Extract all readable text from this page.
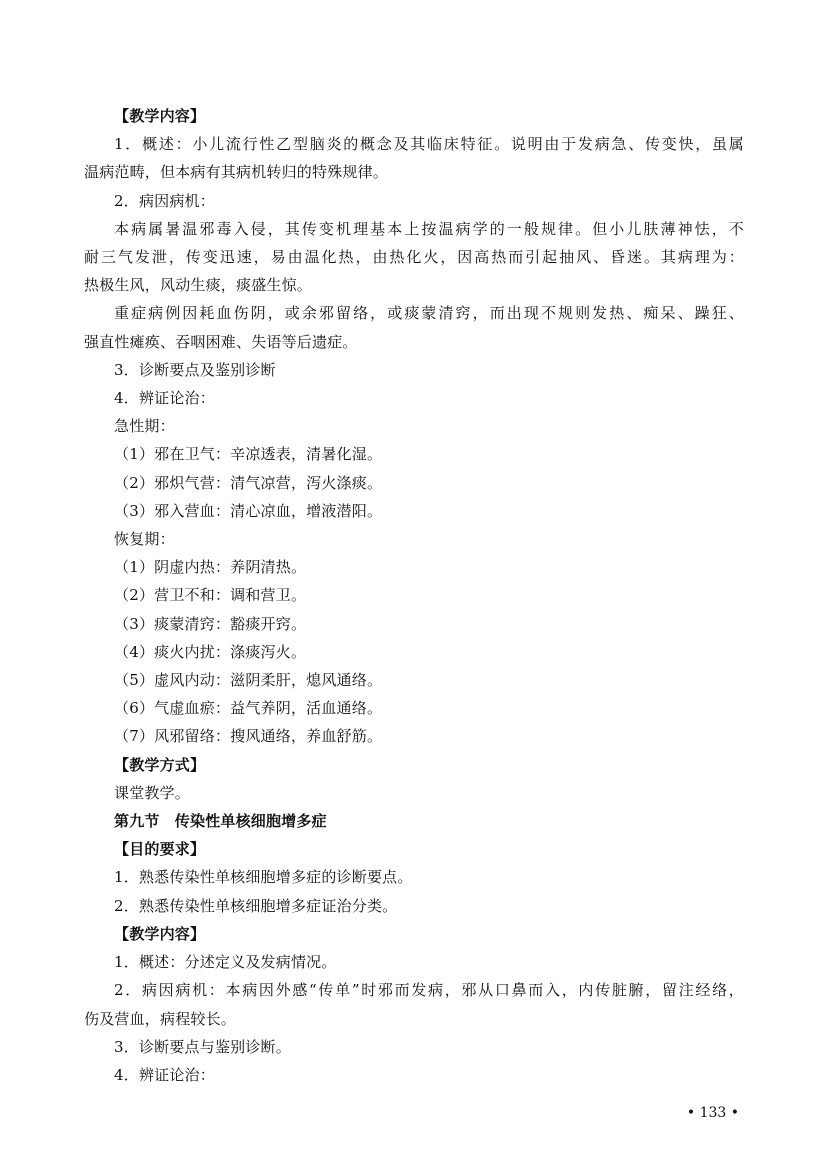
【教学内容】
1．概述：小儿流行性乙型脑炎的概念及其临床特征。说明由于发病急、传变快，虽属
温病范畴，但本病有其病机转归的特殊规律。
2．病因病机：
本病属暑温邪毒入侵，其传变机理基本上按温病学的一般规律。但小儿肤薄神怯，不
耐三气发泄，传变迅速，易由温化热，由热化火，因高热而引起抽风、昏迷。其病理为：
热极生风，风动生痰，痰盛生惊。
重症病例因耗血伤阴，或余邪留络，或痰蒙清窍，而出现不规则发热、痴呆、躁狂、
强直性瘫痪、吞咽困难、失语等后遗症。
3．诊断要点及鉴别诊断
4．辨证论治：
急性期：
（1）邪在卫气：辛凉透表，清暑化湿。
（2）邪炽气营：清气凉营，泻火涤痰。
（3）邪入营血：清心凉血，增液潜阳。
恢复期：
（1）阴虚内热：养阴清热。
（2）营卫不和：调和营卫。
（3）痰蒙清窍：豁痰开窍。
（4）痰火内扰：涤痰泻火。
（5）虚风内动：滋阴柔肝，熄风通络。
（6）气虚血瘀：益气养阴，活血通络。
（7）风邪留络：搜风通络，养血舒筋。
【教学方式】
课堂教学。
第九节　传染性单核细胞增多症
【目的要求】
1．熟悉传染性单核细胞增多症的诊断要点。
2．熟悉传染性单核细胞增多症证治分类。
【教学内容】
1．概述：分述定义及发病情况。
2．病因病机：本病因外感“传单”时邪而发病，邪从口鼻而入，内传脏腑，留注经络，
伤及营血，病程较长。
3．诊断要点与鉴别诊断。
4．辨证论治：
• 133 •
